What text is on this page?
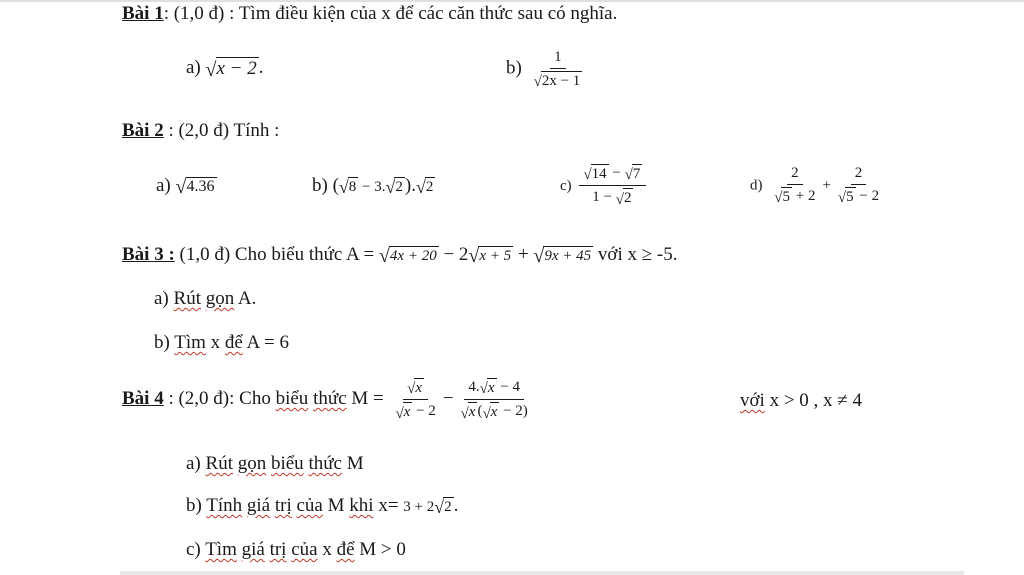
Bài 1: (1,0 đ) : Tìm điều kiện của x để các căn thức sau có nghĩa.
a) √ x − 2 .	$b) \frac{1}{√ 2x - 1}$
Bài 2 : (2,0 đ) Tính :
a) √ 4.36	b) ( √ 8 − 3. √ 2 ). √ 2	$c) \frac{√ 14 - √ 7}{1 - √ 2}$	$d) \frac{2}{√ 5 + 2} + \frac{2}{√ 5 - 2}$
Bài 3 : (1,0 đ) Cho biểu thức A = √ 4x + 20 − 2 √ x + 5 + √ 9x + 45 với x ≥ -5.
a) Rút gọn A.
b) Tìm x để A = 6
Bài 4 : (2,0 đ): Cho biểu thức $M = \frac{√ x}{√ x - 2} - \frac{4. √ x - 4}{√ x ( √ x - 2)}$	với x > 0 , x ≠ 4
a) Rút gọn biểu thức M
b) Tính giá trị của M khi x= 3 + 2 √ 2 .
c) Tìm giá trị của x để M > 0
